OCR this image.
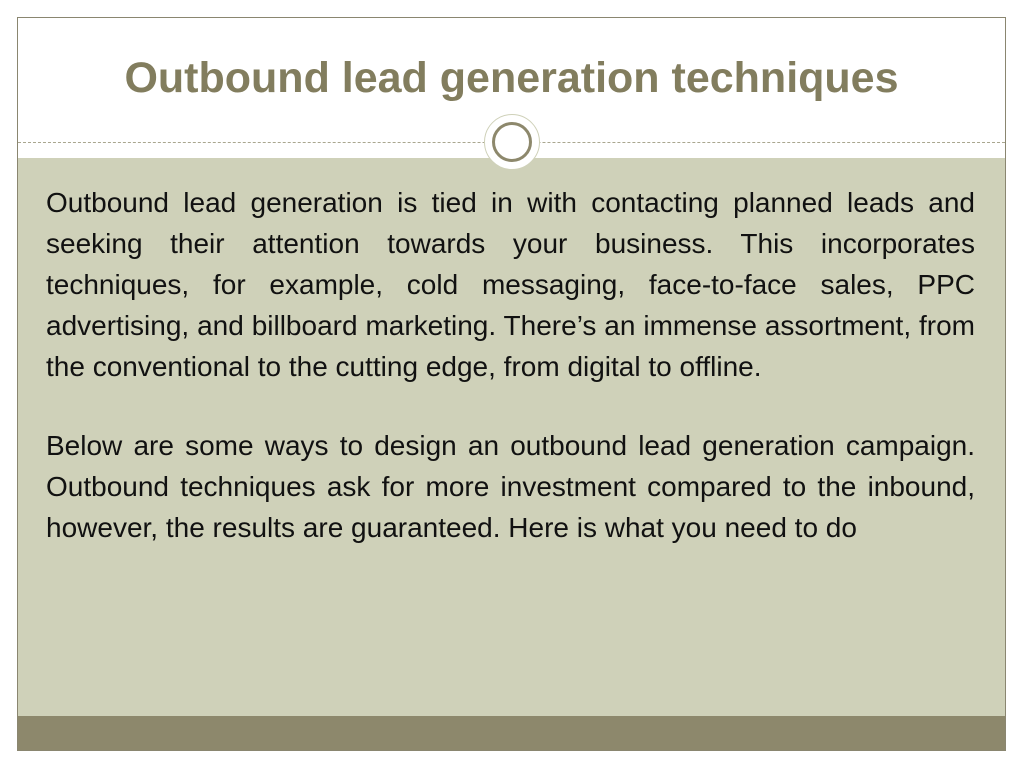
Outbound lead generation techniques

Outbound lead generation is tied in with contacting planned leads and seeking their attention towards your business. This incorporates techniques, for example, cold messaging, face-to-face sales, PPC advertising, and billboard marketing. There’s an immense assortment, from the conventional to the cutting edge, from digital to offline.

Below are some ways to design an outbound lead generation campaign. Outbound techniques ask for more investment compared to the inbound, however, the results are guaranteed. Here is what you need to do
